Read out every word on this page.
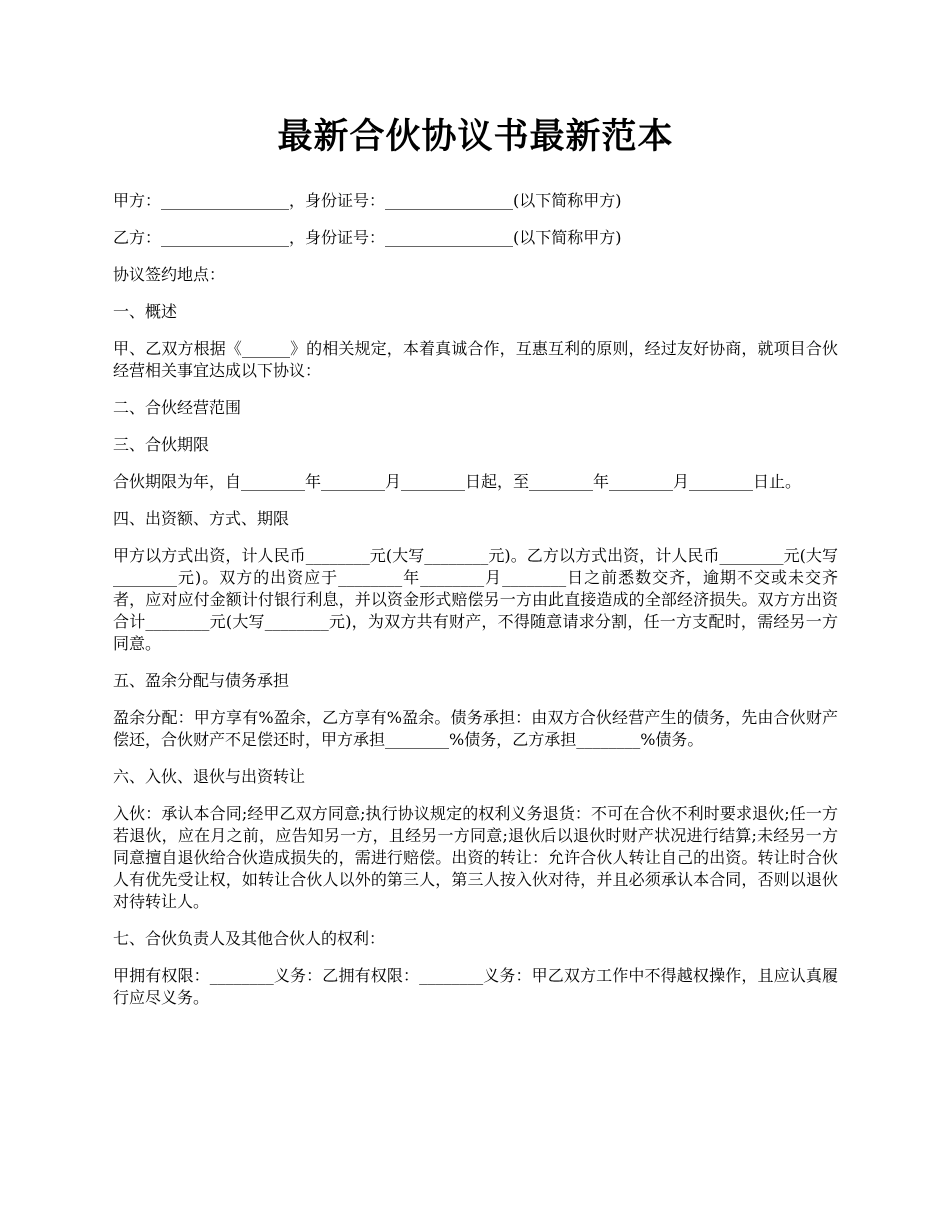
最新合伙协议书最新范本

甲方：________________，身份证号：________________(以下简称甲方)

乙方：________________，身份证号：________________(以下简称甲方)

协议签约地点：

一、概述

甲、乙双方根据《______》的相关规定，本着真诚合作，互惠互利的原则，经过友好协商，就项目合伙经营相关事宜达成以下协议：

二、合伙经营范围

三、合伙期限

合伙期限为年，自________年________月________日起，至________年________月________日止。

四、出资额、方式、期限

甲方以方式出资，计人民币________元(大写________元)。乙方以方式出资，计人民币________元(大写________元)。双方的出资应于________年________月________日之前悉数交齐，逾期不交或未交齐者，应对应付金额计付银行利息，并以资金形式赔偿另一方由此直接造成的全部经济损失。双方方出资合计________元(大写________元)，为双方共有财产，不得随意请求分割，任一方支配时，需经另一方同意。

五、盈余分配与债务承担

盈余分配：甲方享有%盈余，乙方享有%盈余。债务承担：由双方合伙经营产生的债务，先由合伙财产偿还，合伙财产不足偿还时，甲方承担________%债务，乙方承担________%债务。

六、入伙、退伙与出资转让

入伙：承认本合同;经甲乙双方同意;执行协议规定的权利义务退货：不可在合伙不利时要求退伙;任一方若退伙，应在月之前，应告知另一方，且经另一方同意;退伙后以退伙时财产状况进行结算;未经另一方同意擅自退伙给合伙造成损失的，需进行赔偿。出资的转让：允许合伙人转让自己的出资。转让时合伙人有优先受让权，如转让合伙人以外的第三人，第三人按入伙对待，并且必须承认本合同，否则以退伙对待转让人。

七、合伙负责人及其他合伙人的权利：

甲拥有权限：________义务：乙拥有权限：________义务：甲乙双方工作中不得越权操作，且应认真履行应尽义务。
